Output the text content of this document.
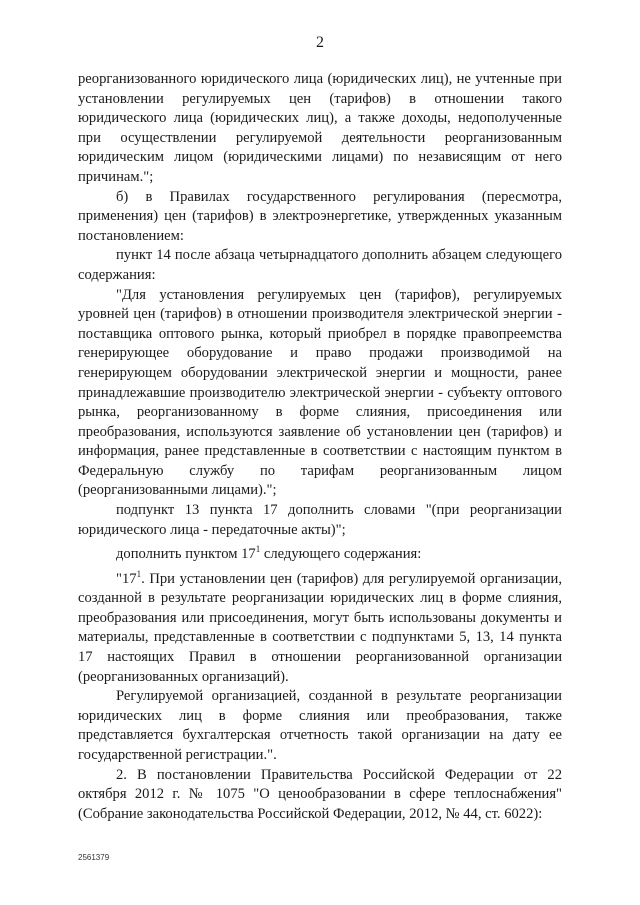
2

реорганизованного юридического лица (юридических лиц), не учтенные при установлении регулируемых цен (тарифов) в отношении такого юридического лица (юридических лиц), а также доходы, недополученные при осуществлении регулируемой деятельности реорганизованным юридическим лицом (юридическими лицами) по независящим от него причинам.";

б) в Правилах государственного регулирования (пересмотра, применения) цен (тарифов) в электроэнергетике, утвержденных указанным постановлением:

пункт 14 после абзаца четырнадцатого дополнить абзацем следующего содержания:

"Для установления регулируемых цен (тарифов), регулируемых уровней цен (тарифов) в отношении производителя электрической энергии - поставщика оптового рынка, который приобрел в порядке правопреемства генерирующее оборудование и право продажи производимой на генерирующем оборудовании электрической энергии и мощности, ранее принадлежавшие производителю электрической энергии - субъекту оптового рынка, реорганизованному в форме слияния, присоединения или преобразования, используются заявление об установлении цен (тарифов) и информация, ранее представленные в соответствии с настоящим пунктом в Федеральную службу по тарифам реорганизованным лицом (реорганизованными лицами).";

подпункт 13 пункта 17 дополнить словами "(при реорганизации юридического лица - передаточные акты)";

дополнить пунктом $17^1$ следующего содержания:

"$17^1$. При установлении цен (тарифов) для регулируемой организации, созданной в результате реорганизации юридических лиц в форме слияния, преобразования или присоединения, могут быть использованы документы и материалы, представленные в соответствии с подпунктами 5, 13, 14 пункта 17 настоящих Правил в отношении реорганизованной организации (реорганизованных организаций).

Регулируемой организацией, созданной в результате реорганизации юридических лиц в форме слияния или преобразования, также представляется бухгалтерская отчетность такой организации на дату ее государственной регистрации.".

2. В постановлении Правительства Российской Федерации от 22 октября 2012 г. № 1075 "О ценообразовании в сфере теплоснабжения" (Собрание законодательства Российской Федерации, 2012, № 44, ст. 6022):

2561379
